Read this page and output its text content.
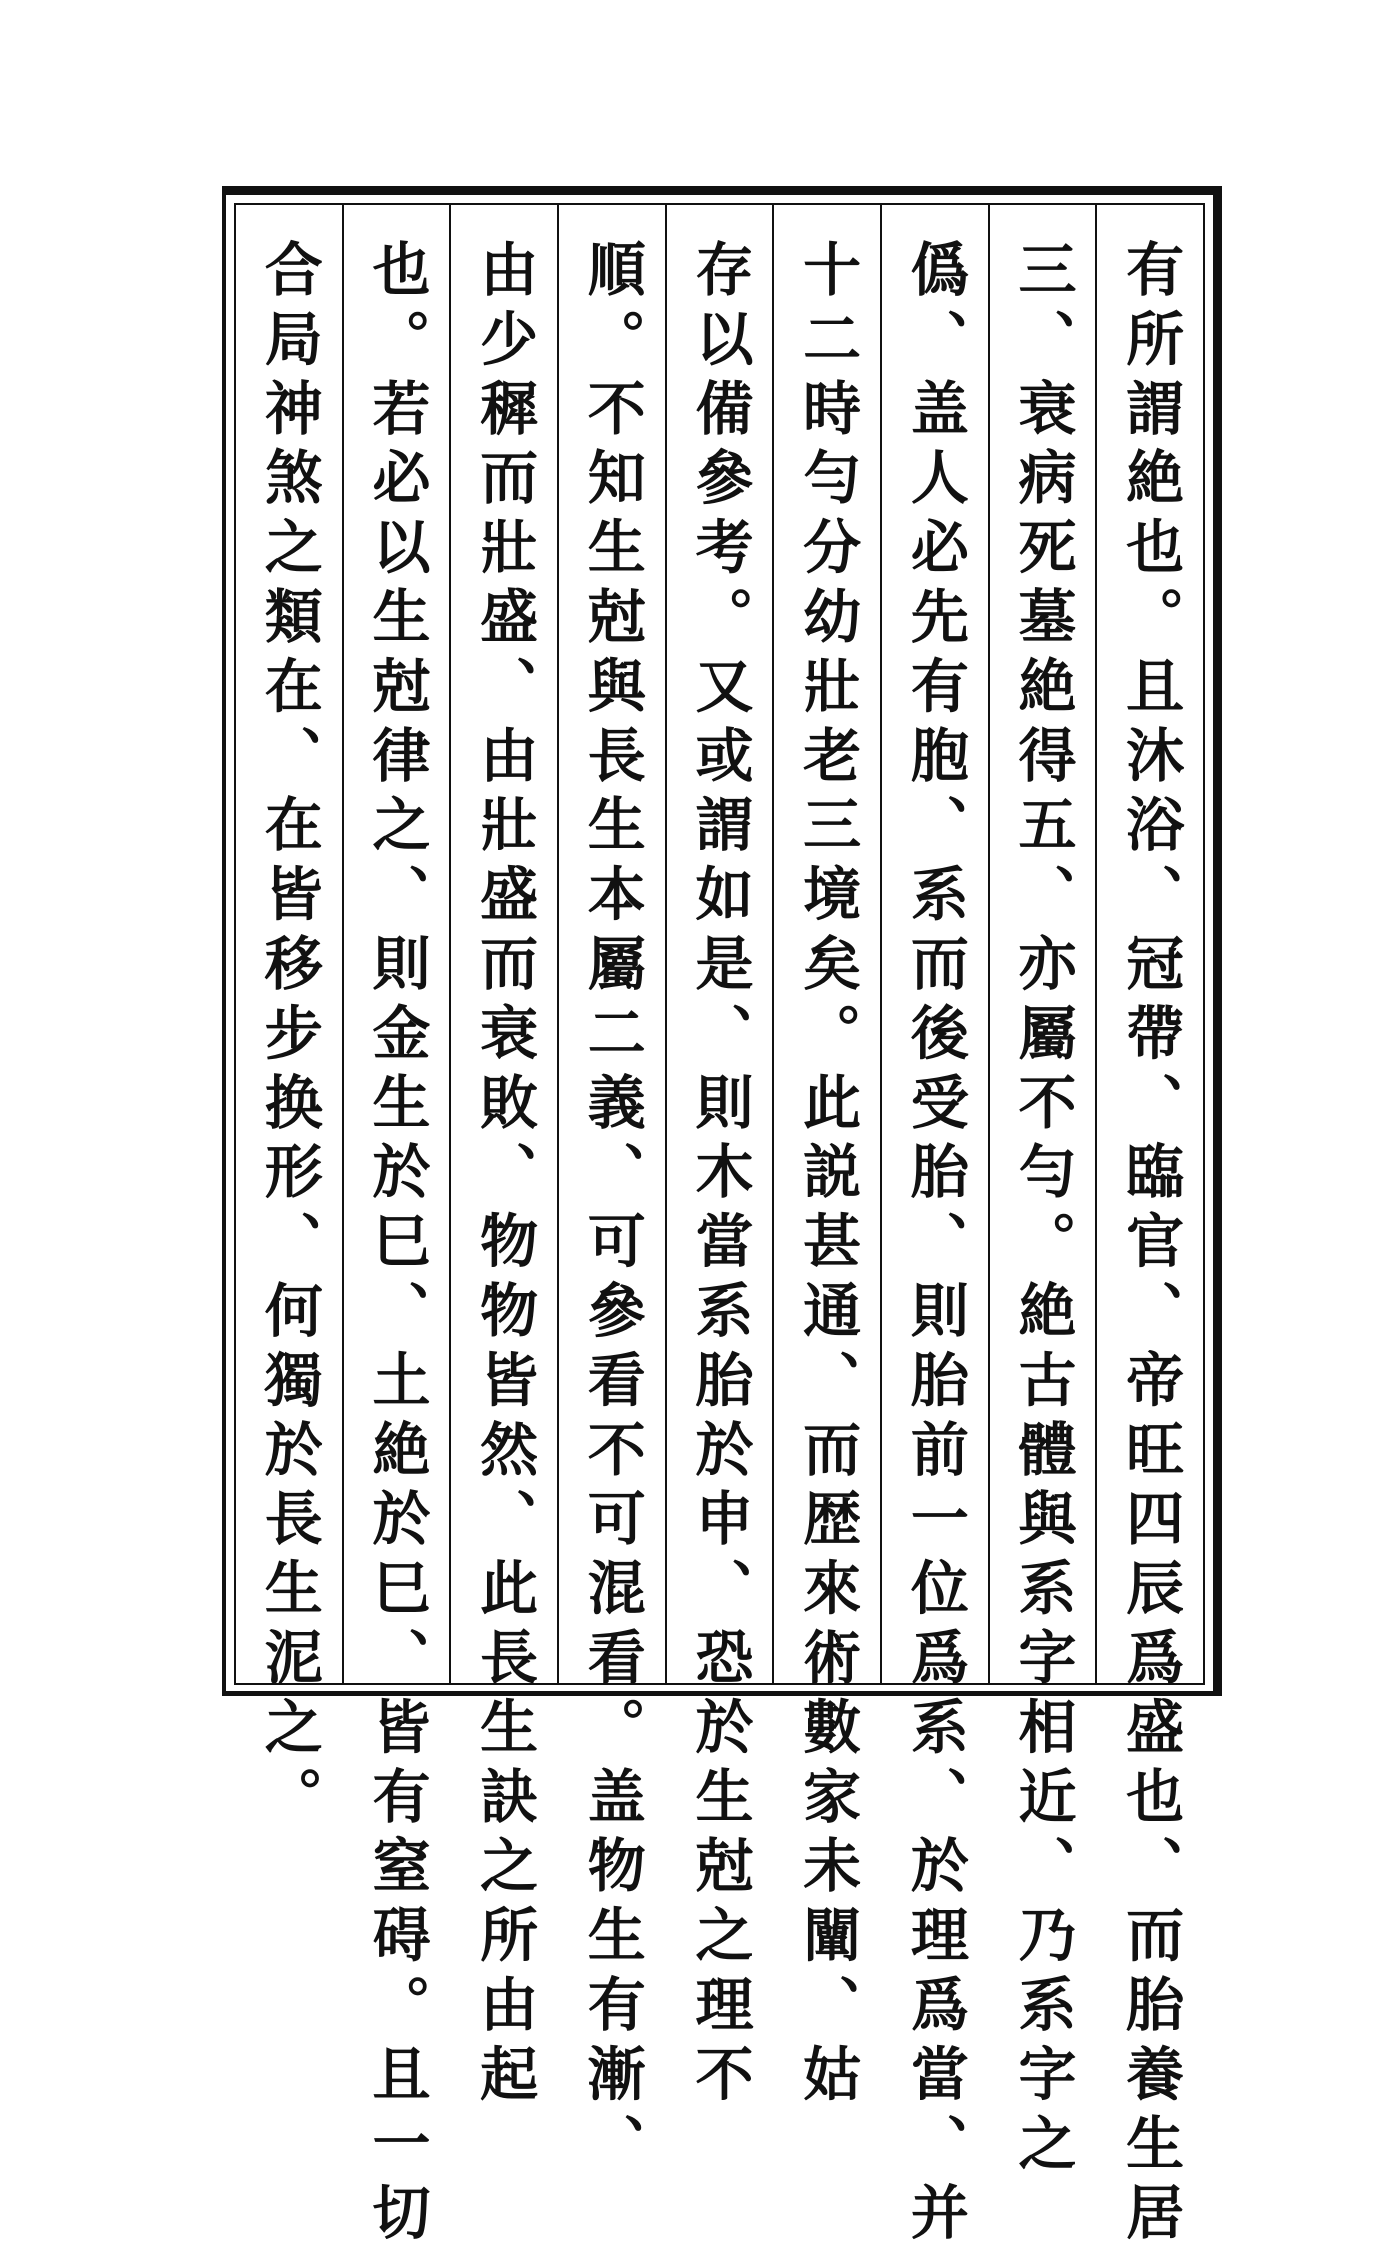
有所謂絶也。且沐浴、冠帶、臨官、帝旺四辰爲盛也、而胎養生居
三、衰病死墓絶得五、亦屬不勻。絶古體與系字相近、乃系字之
僞、盖人必先有胞、系而後受胎、則胎前一位爲系、於理爲當、并
十二時勻分幼壯老三境矣。此説甚通、而歴來術數家未闡、姑
存以備參考。又或謂如是、則木當系胎於申、恐於生尅之理不
順。不知生尅與長生本屬二義、可參看不可混看。盖物生有漸、
由少穉而壯盛、由壯盛而衰敗、物物皆然、此長生訣之所由起
也。若必以生尅律之、則金生於巳、土絶於巳、皆有窒碍。且一切
合局神煞之類在、在皆移步换形、何獨於長生泥之。
